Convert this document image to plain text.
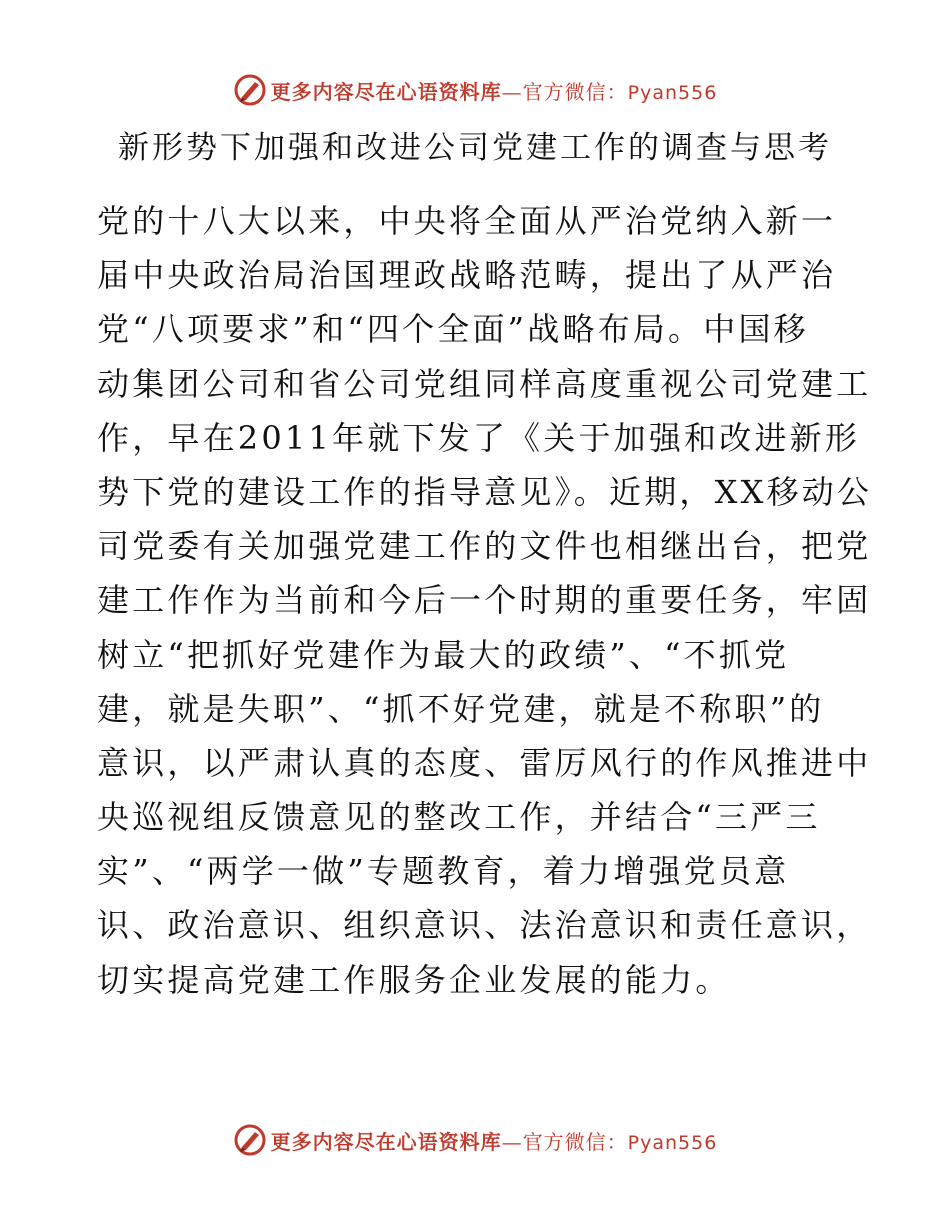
更多内容尽在心语资料库—官方微信：Pyan556
新形势下加强和改进公司党建工作的调查与思考
党的十八大以来，中央将全面从严治党纳入新一
届中央政治局治国理政战略范畴，提出了从严治
党“八项要求”和“四个全面”战略布局。中国移
动集团公司和省公司党组同样高度重视公司党建工
作，早在2011年就下发了《关于加强和改进新形
势下党的建设工作的指导意见》。近期，XX移动公
司党委有关加强党建工作的文件也相继出台，把党
建工作作为当前和今后一个时期的重要任务，牢固
树立“把抓好党建作为最大的政绩”、“不抓党
建，就是失职”、“抓不好党建，就是不称职”的
意识，以严肃认真的态度、雷厉风行的作风推进中
央巡视组反馈意见的整改工作，并结合“三严三
实”、“两学一做”专题教育，着力增强党员意
识、政治意识、组织意识、法治意识和责任意识，
切实提高党建工作服务企业发展的能力。
更多内容尽在心语资料库—官方微信：Pyan556
